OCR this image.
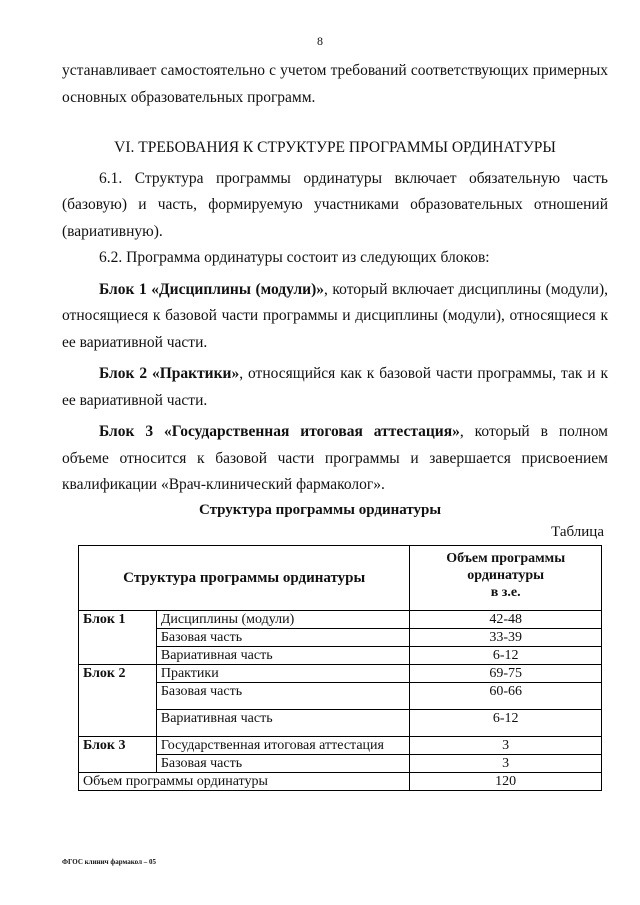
8

устанавливает самостоятельно с учетом требований соответствующих примерных основных образовательных программ.

VI. ТРЕБОВАНИЯ К СТРУКТУРЕ ПРОГРАММЫ ОРДИНАТУРЫ

6.1. Структура программы ординатуры включает обязательную часть (базовую) и часть, формируемую участниками образовательных отношений (вариативную).

6.2. Программа ординатуры состоит из следующих блоков:

Блок 1 «Дисциплины (модули)», который включает дисциплины (модули), относящиеся к базовой части программы и дисциплины (модули), относящиеся к ее вариативной части.

Блок 2 «Практики», относящийся как к базовой части программы, так и к ее вариативной части.

Блок 3 «Государственная итоговая аттестация», который в полном объеме относится к базовой части программы и завершается присвоением квалификации «Врач-клинический фармаколог».

Структура программы ординатуры
Таблица
Структура программы ординатуры		Объем программы
ординатуры
в з.е.

Блок 1	Дисциплины (модули)	42-48
	Базовая часть	33-39
	Вариативная часть	6-12
Блок 2	Практики	69-75
	Базовая часть	60-66
	Вариативная часть	6-12
Блок 3	Государственная итоговая аттестация	3
	Базовая часть	3
Объем программы ординатуры		120
ФГОС клинич фармакол – 05
